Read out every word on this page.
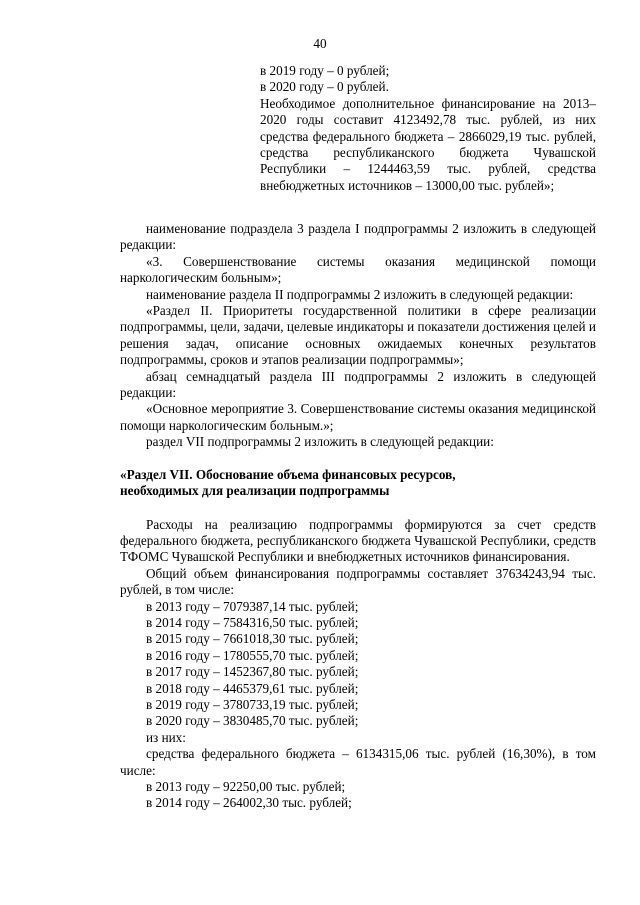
40

в 2019 году – 0 рублей;

в 2020 году – 0 рублей.

Необходимое дополнительное финансирование на 2013–2020 годы составит 4123492,78 тыс. рублей, из них средства федерального бюджета – 2866029,19 тыс. рублей, средства республиканского бюджета Чувашской Республики – 1244463,59 тыс. рублей, средства внебюджетных источников – 13000,00 тыс. рублей»;

наименование подраздела 3 раздела I подпрограммы 2 изложить в следующей редакции:

«3. Совершенствование системы оказания медицинской помощи наркологическим больным»;

наименование раздела II подпрограммы 2 изложить в следующей редакции:

«Раздел II. Приоритеты государственной политики в сфере реализации подпрограммы, цели, задачи, целевые индикаторы и показатели достижения целей и решения задач, описание основных ожидаемых конечных результатов подпрограммы, сроков и этапов реализации подпрограммы»;

абзац семнадцатый раздела III подпрограммы 2 изложить в следующей редакции:

«Основное мероприятие 3. Совершенствование системы оказания медицинской помощи наркологическим больным.»;

раздел VII подпрограммы 2 изложить в следующей редакции:

«Раздел VII. Обоснование объема финансовых ресурсов,

необходимых для реализации подпрограммы

Расходы на реализацию подпрограммы формируются за счет средств федерального бюджета, республиканского бюджета Чувашской Республики, средств ТФОМС Чувашской Республики и внебюджетных источников финансирования.

Общий объем финансирования подпрограммы составляет 37634243,94 тыс. рублей, в том числе:

в 2013 году – 7079387,14 тыс. рублей;

в 2014 году – 7584316,50 тыс. рублей;

в 2015 году – 7661018,30 тыс. рублей;

в 2016 году – 1780555,70 тыс. рублей;

в 2017 году – 1452367,80 тыс. рублей;

в 2018 году – 4465379,61 тыс. рублей;

в 2019 году – 3780733,19 тыс. рублей;

в 2020 году – 3830485,70 тыс. рублей;

из них:

средства федерального бюджета – 6134315,06 тыс. рублей (16,30%), в том числе:

в 2013 году – 92250,00 тыс. рублей;

в 2014 году – 264002,30 тыс. рублей;
